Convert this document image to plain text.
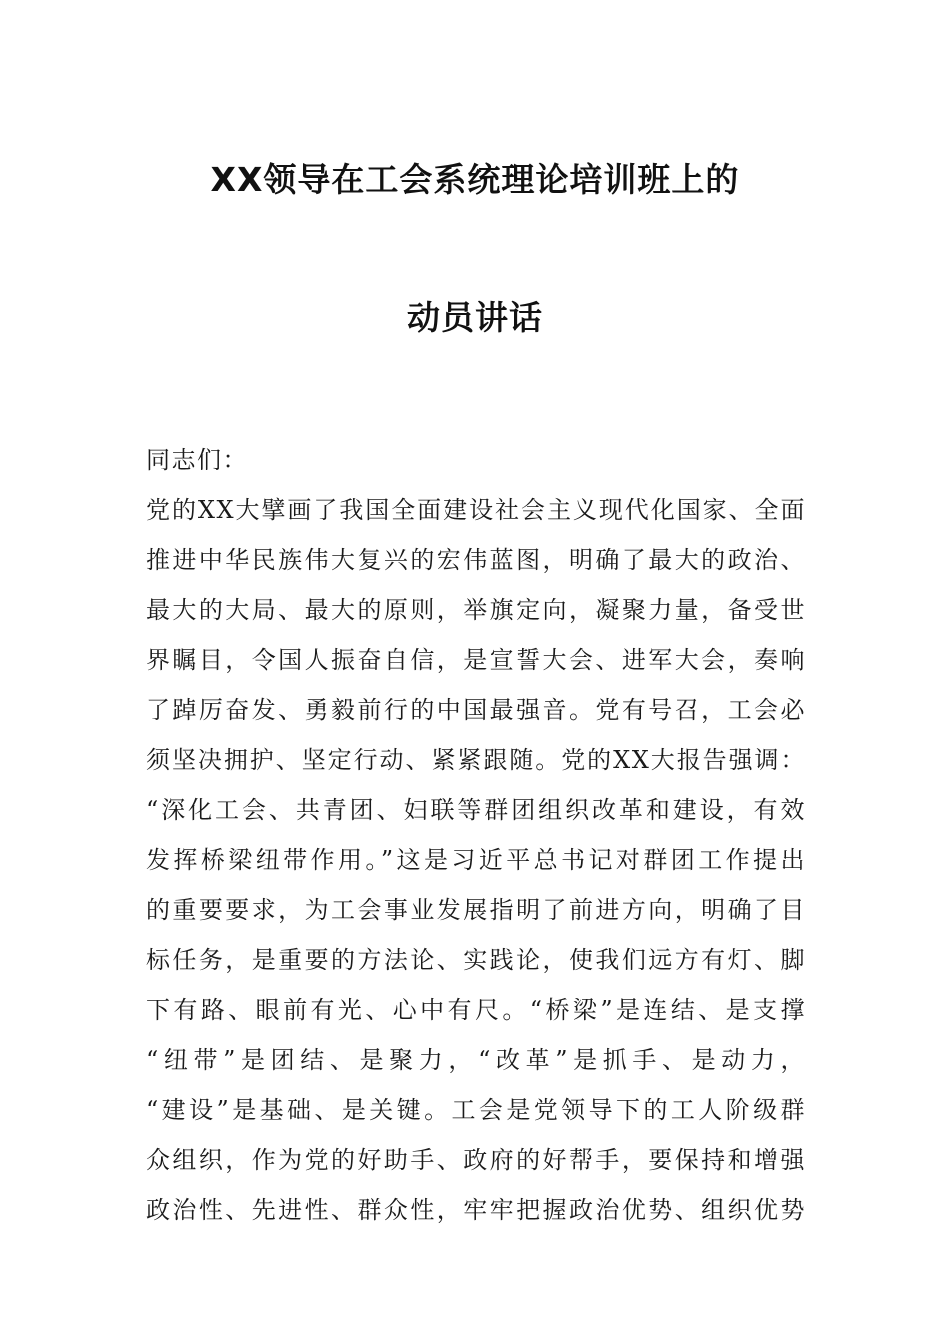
XX领导在工会系统理论培训班上的
动员讲话
同志们：
党的XX大擘画了我国全面建设社会主义现代化国家、全面
推进中华民族伟大复兴的宏伟蓝图，明确了最大的政治、
最大的大局、最大的原则，举旗定向，凝聚力量，备受世
界瞩目，令国人振奋自信，是宣誓大会、进军大会，奏响
了踔厉奋发、勇毅前行的中国最强音。党有号召，工会必
须坚决拥护、坚定行动、紧紧跟随。党的XX大报告强调：
“深化工会、共青团、妇联等群团组织改革和建设，有效
发挥桥梁纽带作用。”这是习近平总书记对群团工作提出
的重要要求，为工会事业发展指明了前进方向，明确了目
标任务，是重要的方法论、实践论，使我们远方有灯、脚
下有路、眼前有光、心中有尺。“桥梁”是连结、是支撑
“纽带”是团结、是聚力，“改革”是抓手、是动力，
“建设”是基础、是关键。工会是党领导下的工人阶级群
众组织，作为党的好助手、政府的好帮手，要保持和增强
政治性、先进性、群众性，牢牢把握政治优势、组织优势
